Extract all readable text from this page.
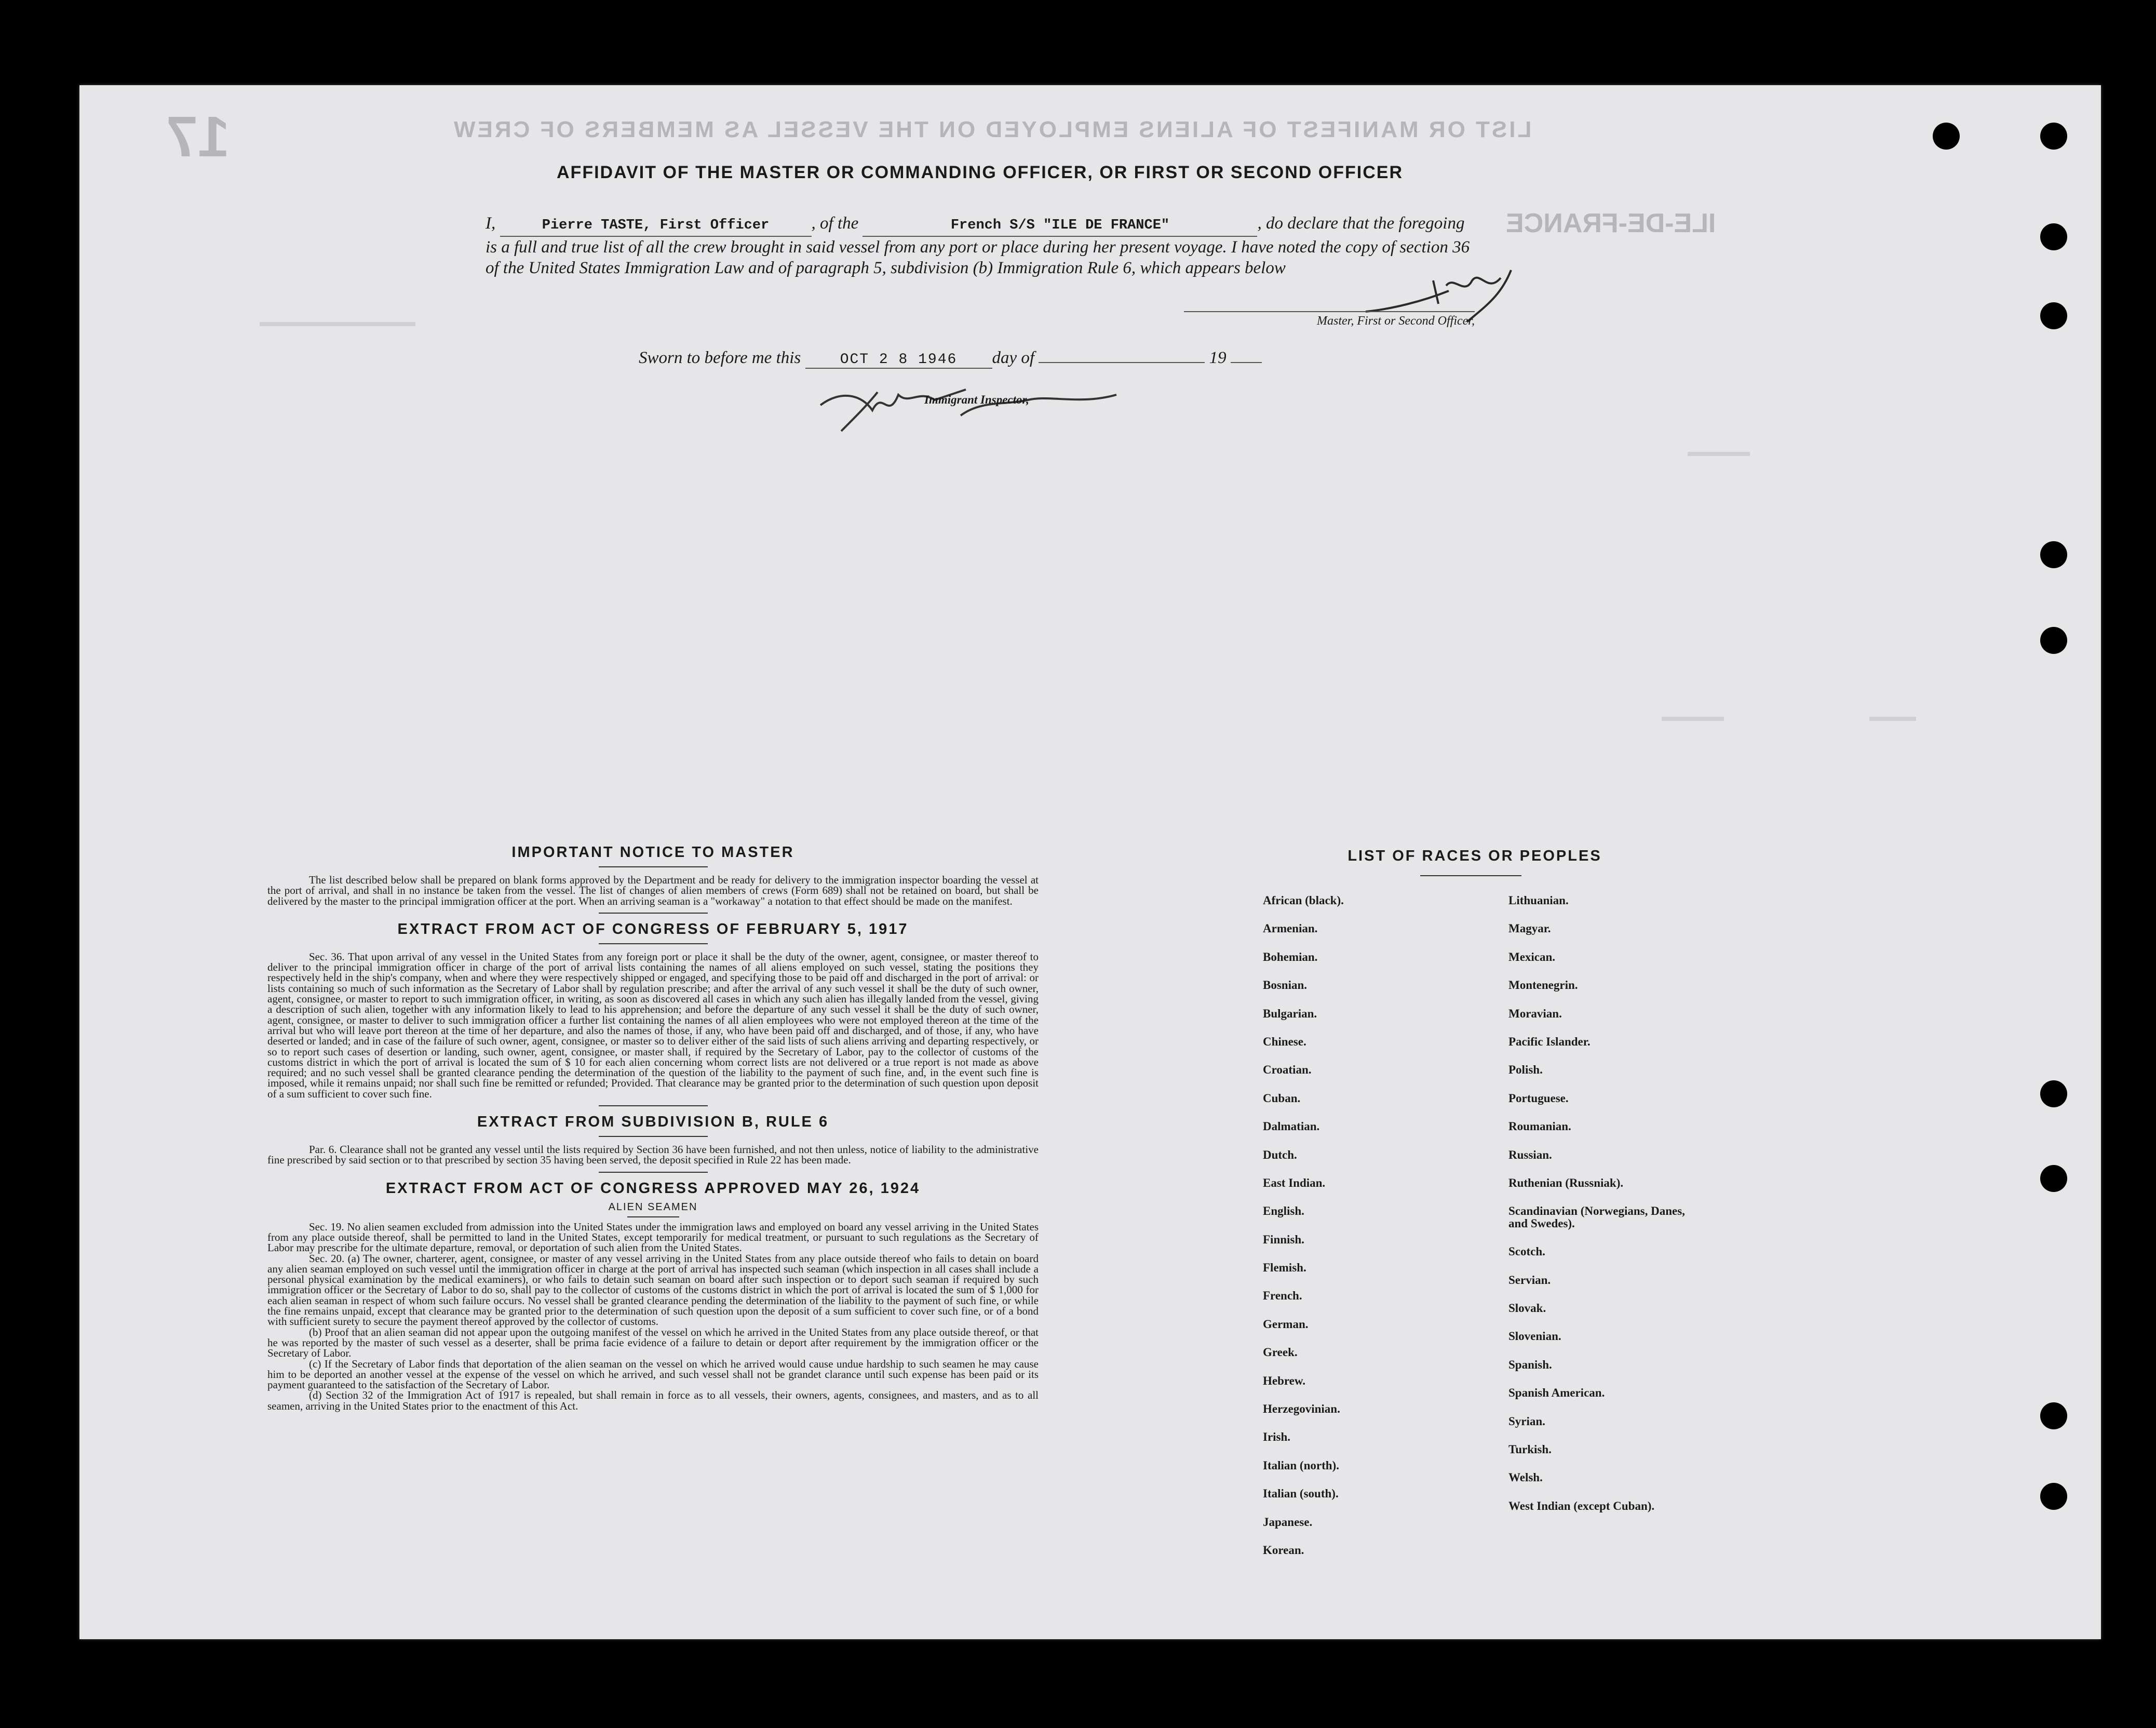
LIST OR MANIFEST OF ALIENS EMPLOYED ON THE VESSEL AS MEMBERS OF CREW
ILE-DE-FRANCE
17
AFFIDAVIT OF THE MASTER OR COMMANDING OFFICER, OR FIRST OR SECOND OFFICER
I,	Pierre TASTE, First Officer , of the	French S/S "ILE DE FRANCE"	, do declare that the foregoing is a full and true list of all the crew brought in said vessel from any port or place during her present voyage. I have noted the copy of section 36 of the United States Immigration Law and of paragraph 5, subdivision (b) Immigration Rule 6, which appears below
Master, First or Second Officer,
Sworn to before me this	OCT 2 8 1946 day of	19
Immigrant Inspector,

IMPORTANT NOTICE TO MASTER

The list described below shall be prepared on blank forms approved by the Department and be ready for delivery to the immigration inspector boarding the vessel at the port of arrival, and shall in no instance be taken from the vessel. The list of changes of alien members of crews (Form 689) shall not be retained on board, but shall be delivered by the master to the principal immigration officer at the port. When an arriving seaman is a "workaway" a notation to that effect should be made on the manifest.

EXTRACT FROM ACT OF CONGRESS OF FEBRUARY 5, 1917

Sec. 36. That upon arrival of any vessel in the United States from any foreign port or place it shall be the duty of the owner, agent, consignee, or master thereof to deliver to the principal immigration officer in charge of the port of arrival lists containing the names of all aliens employed on such vessel, stating the positions they respectively held in the ship's company, when and where they were respectively shipped or engaged, and specifying those to be paid off and discharged in the port of arrival: or lists containing so much of such information as the Secretary of Labor shall by regulation prescribe; and after the arrival of any such vessel it shall be the duty of such owner, agent, consignee, or master to report to such immigration officer, in writing, as soon as discovered all cases in which any such alien has illegally landed from the vessel, giving a description of such alien, together with any information likely to lead to his apprehension; and before the departure of any such vessel it shall be the duty of such owner, agent, consignee, or master to deliver to such immigration officer a further list containing the names of all alien employees who were not employed thereon at the time of the arrival but who will leave port thereon at the time of her departure, and also the names of those, if any, who have been paid off and discharged, and of those, if any, who have deserted or landed; and in case of the failure of such owner, agent, consignee, or master so to deliver either of the said lists of such aliens arriving and departing respectively, or so to report such cases of desertion or landing, such owner, agent, consignee, or master shall, if required by the Secretary of Labor, pay to the collector of customs of the customs district in which the port of arrival is located the sum of $ 10 for each alien concerning whom correct lists are not delivered or a true report is not made as above required; and no such vessel shall be granted clearance pending the determination of the question of the liability to the payment of such fine, and, in the event such fine is imposed, while it remains unpaid; nor shall such fine be remitted or refunded; Provided. That clearance may be granted prior to the determination of such question upon deposit of a sum sufficient to cover such fine.

EXTRACT FROM SUBDIVISION B, RULE 6

Par. 6. Clearance shall not be granted any vessel until the lists required by Section 36 have been furnished, and not then unless, notice of liability to the administrative fine prescribed by said section or to that prescribed by section 35 having been served, the deposit specified in Rule 22 has been made.

EXTRACT FROM ACT OF CONGRESS APPROVED MAY 26, 1924

ALIEN SEAMEN

Sec. 19. No alien seamen excluded from admission into the United States under the immigration laws and employed on board any vessel arriving in the United States from any place outside thereof, shall be permitted to land in the United States, except temporarily for medical treatment, or pursuant to such regulations as the Secretary of Labor may prescribe for the ultimate departure, removal, or deportation of such alien from the United States.

Sec. 20. (a) The owner, charterer, agent, consignee, or master of any vessel arriving in the United States from any place outside thereof who fails to detain on board any alien seaman employed on such vessel until the immigration officer in charge at the port of arrival has inspected such seaman (which inspection in all cases shall include a personal physical examination by the medical examiners), or who fails to detain such seaman on board after such inspection or to deport such seaman if required by such immigration officer or the Secretary of Labor to do so, shall pay to the collector of customs of the customs district in which the port of arrival is located the sum of $ 1,000 for each alien seaman in respect of whom such failure occurs. No vessel shall be granted clearance pending the determination of the liability to the payment of such fine, or while the fine remains unpaid, except that clearance may be granted prior to the determination of such question upon the deposit of a sum sufficient to cover such fine, or of a bond with sufficient surety to secure the payment thereof approved by the collector of customs.

(b) Proof that an alien seaman did not appear upon the outgoing manifest of the vessel on which he arrived in the United States from any place outside thereof, or that he was reported by the master of such vessel as a deserter, shall be prima facie evidence of a failure to detain or deport after requirement by the immigration officer or the Secretary of Labor.

(c) If the Secretary of Labor finds that deportation of the alien seaman on the vessel on which he arrived would cause undue hardship to such seamen he may cause him to be deported an another vessel at the expense of the vessel on which he arrived, and such vessel shall not be grandet clarance until such expense has been paid or its payment guaranteed to the satisfaction of the Secretary of Labor.

(d) Section 32 of the Immigration Act of 1917 is repealed, but shall remain in force as to all vessels, their owners, agents, consignees, and masters, and as to all seamen, arriving in the United States prior to the enactment of this Act.

LIST OF RACES OR PEOPLES
African (black).
Armenian.
Bohemian.
Bosnian.
Bulgarian.
Chinese.
Croatian.
Cuban.
Dalmatian.
Dutch.
East Indian.
English.
Finnish.
Flemish.
French.
German.
Greek.
Hebrew.
Herzegovinian.
Irish.
Italian (north).
Italian (south).
Japanese.
Korean.
Lithuanian.
Magyar.
Mexican.
Montenegrin.
Moravian.
Pacific Islander.
Polish.
Portuguese.
Roumanian.
Russian.
Ruthenian (Russniak).
Scandinavian (Norwegians, Danes, and Swedes).
Scotch.
Servian.
Slovak.
Slovenian.
Spanish.
Spanish American.
Syrian.
Turkish.
Welsh.
West Indian (except Cuban).
